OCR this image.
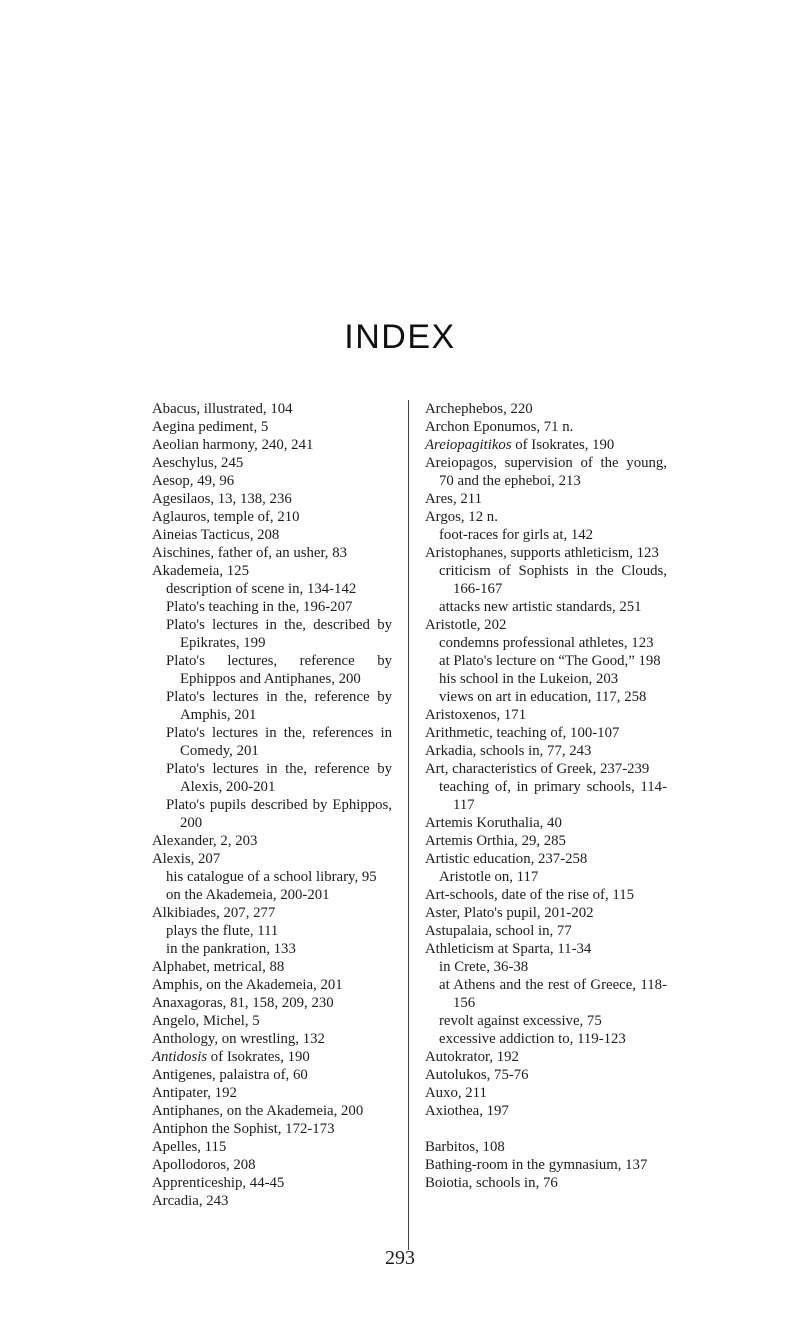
INDEX
Abacus, illustrated, 104
Aegina pediment, 5
Aeolian harmony, 240, 241
Aeschylus, 245
Aesop, 49, 96
Agesilaos, 13, 138, 236
Aglauros, temple of, 210
Aineias Tacticus, 208
Aischines, father of, an usher, 83
Akademeia, 125
description of scene in, 134-142
Plato's teaching in the, 196-207
Plato's lectures in the, described by Epikrates, 199
Plato's lectures, reference by Ephippos and Antiphanes, 200
Plato's lectures in the, reference by Amphis, 201
Plato's lectures in the, references in Comedy, 201
Plato's lectures in the, reference by Alexis, 200-201
Plato's pupils described by Ephippos, 200
Alexander, 2, 203
Alexis, 207
his catalogue of a school library, 95
on the Akademeia, 200-201
Alkibiades, 207, 277
plays the flute, 111
in the pankration, 133
Alphabet, metrical, 88
Amphis, on the Akademeia, 201
Anaxagoras, 81, 158, 209, 230
Angelo, Michel, 5
Anthology, on wrestling, 132
Antidosis of Isokrates, 190
Antigenes, palaistra of, 60
Antipater, 192
Antiphanes, on the Akademeia, 200
Antiphon the Sophist, 172-173
Apelles, 115
Apollodoros, 208
Apprenticeship, 44-45
Arcadia, 243
Archephebos, 220
Archon Eponumos, 71 n.
Areiopagitikos of Isokrates, 190
Areiopagos, supervision of the young, 70 and the epheboi, 213
Ares, 211
Argos, 12 n.
foot-races for girls at, 142
Aristophanes, supports athleticism, 123
criticism of Sophists in the Clouds, 166-167
attacks new artistic standards, 251
Aristotle, 202
condemns professional athletes, 123
at Plato's lecture on “The Good,” 198
his school in the Lukeion, 203
views on art in education, 117, 258
Aristoxenos, 171
Arithmetic, teaching of, 100-107
Arkadia, schools in, 77, 243
Art, characteristics of Greek, 237-239
teaching of, in primary schools, 114-117
Artemis Koruthalia, 40
Artemis Orthia, 29, 285
Artistic education, 237-258
Aristotle on, 117
Art-schools, date of the rise of, 115
Aster, Plato's pupil, 201-202
Astupalaia, school in, 77
Athleticism at Sparta, 11-34
in Crete, 36-38
at Athens and the rest of Greece, 118-156
revolt against excessive, 75
excessive addiction to, 119-123
Autokrator, 192
Autolukos, 75-76
Auxo, 211
Axiothea, 197
Barbitos, 108
Bathing-room in the gymnasium, 137
Boiotia, schools in, 76
293
